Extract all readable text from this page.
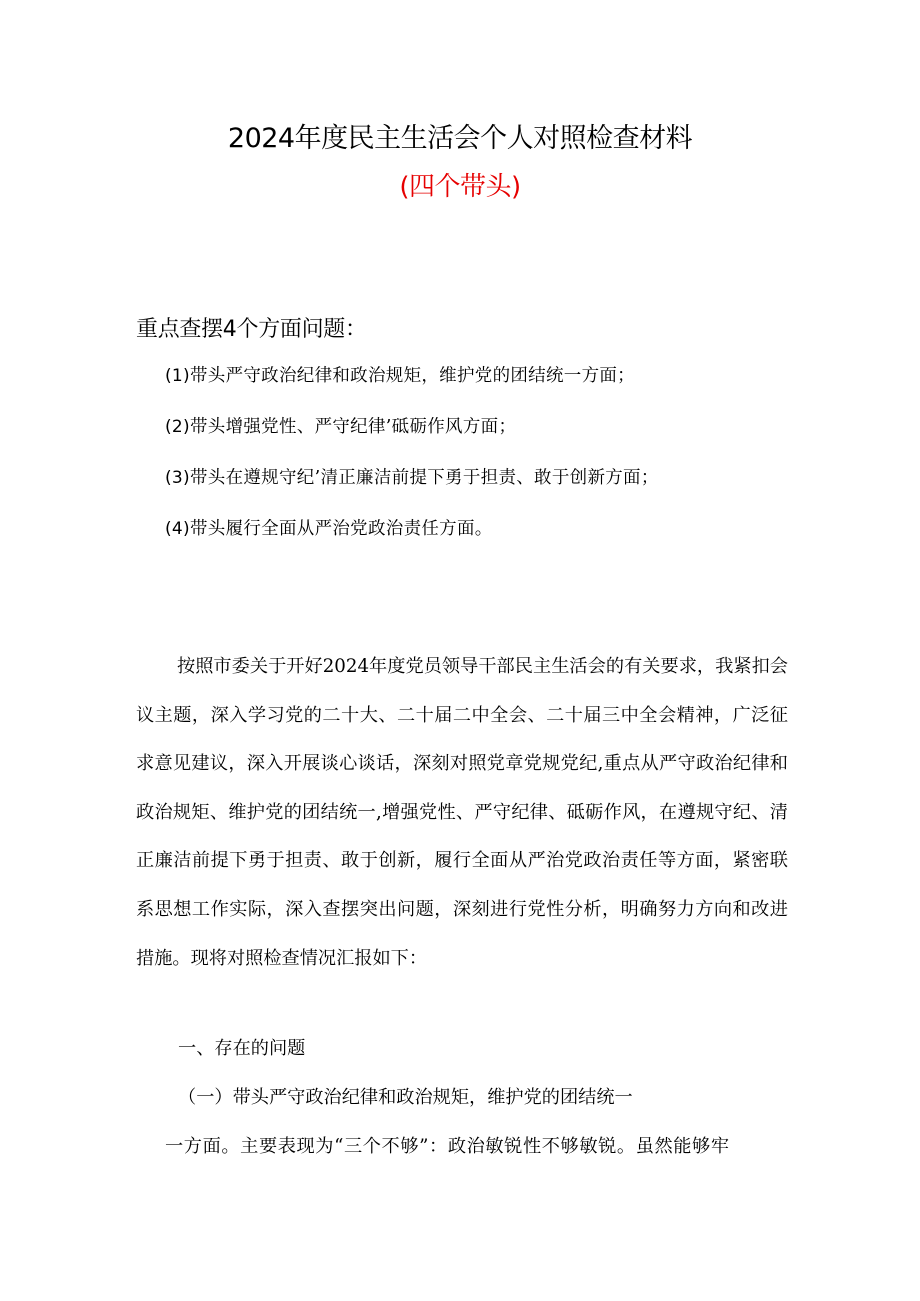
2024年度民主生活会个人对照检查材料
(四个带头)
重点查摆4个方面问题：
(1)带头严守政治纪律和政治规矩，维护党的团结统一方面；
(2)带头增强党性、严守纪律’砥砺作风方面；
(3)带头在遵规守纪’清正廉洁前提下勇于担责、敢于创新方面；
(4)带头履行全面从严治党政治责任方面。

按照市委关于开好2024年度党员领导干部民主生活会的有关要求，我紧扣会议主题，深入学习党的二十大、二十届二中全会、二十届三中全会精神，广泛征求意见建议，深入开展谈心谈话，深刻对照党章党规党纪,重点从严守政治纪律和政治规矩、维护党的团结统一,增强党性、严守纪律、砥砺作风，在遵规守纪、清正廉洁前提下勇于担责、敢于创新，履行全面从严治党政治责任等方面，紧密联系思想工作实际，深入查摆突出问题，深刻进行党性分析，明确努力方向和改进措施。现将对照检查情况汇报如下：

一、存在的问题
（一）带头严守政治纪律和政治规矩，维护党的团结统一
一方面。主要表现为“三个不够”：政治敏锐性不够敏锐。虽然能够牢
